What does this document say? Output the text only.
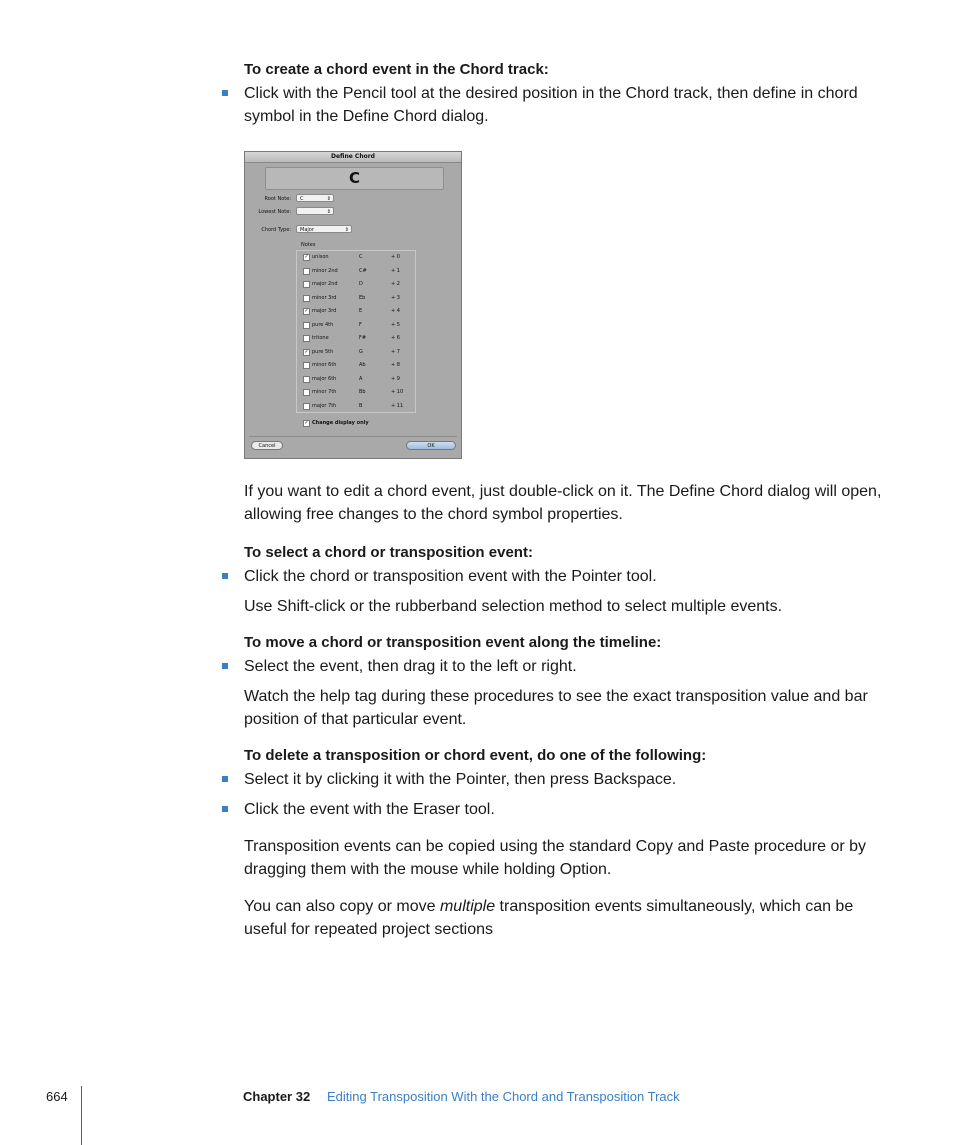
To create a chord event in the Chord track:
Click with the Pencil tool at the desired position in the Chord track, then define in chord symbol in the Define Chord dialog.
Define Chord
C
Root Note:	C	⇕
Lowest Note:	⇕
Chord Type:	Major	⇕
Notes
✓ unison	C	+ 0
minor 2nd	C#	+ 1
major 2nd	D	+ 2
minor 3rd	Eb	+ 3
✓ major 3rd	E	+ 4
pure 4th	F	+ 5
tritone	F#	+ 6
✓ pure 5th	G	+ 7
minor 6th	Ab	+ 8
major 6th	A	+ 9
minor 7th	Bb	+ 10
major 7th	B	+ 11
✓ Change display only
Cancel	OK
If you want to edit a chord event, just double-click on it. The Define Chord dialog will open, allowing free changes to the chord symbol properties.
To select a chord or transposition event:
Click the chord or transposition event with the Pointer tool.
Use Shift-click or the rubberband selection method to select multiple events.
To move a chord or transposition event along the timeline:
Select the event, then drag it to the left or right.
Watch the help tag during these procedures to see the exact transposition value and bar position of that particular event.
To delete a transposition or chord event, do one of the following:
Select it by clicking it with the Pointer, then press Backspace.
Click the event with the Eraser tool.
Transposition events can be copied using the standard Copy and Paste procedure or by dragging them with the mouse while holding Option.
You can also copy or move multiple transposition events simultaneously, which can be useful for repeated project sections
664	Chapter 32 Editing Transposition With the Chord and Transposition Track
